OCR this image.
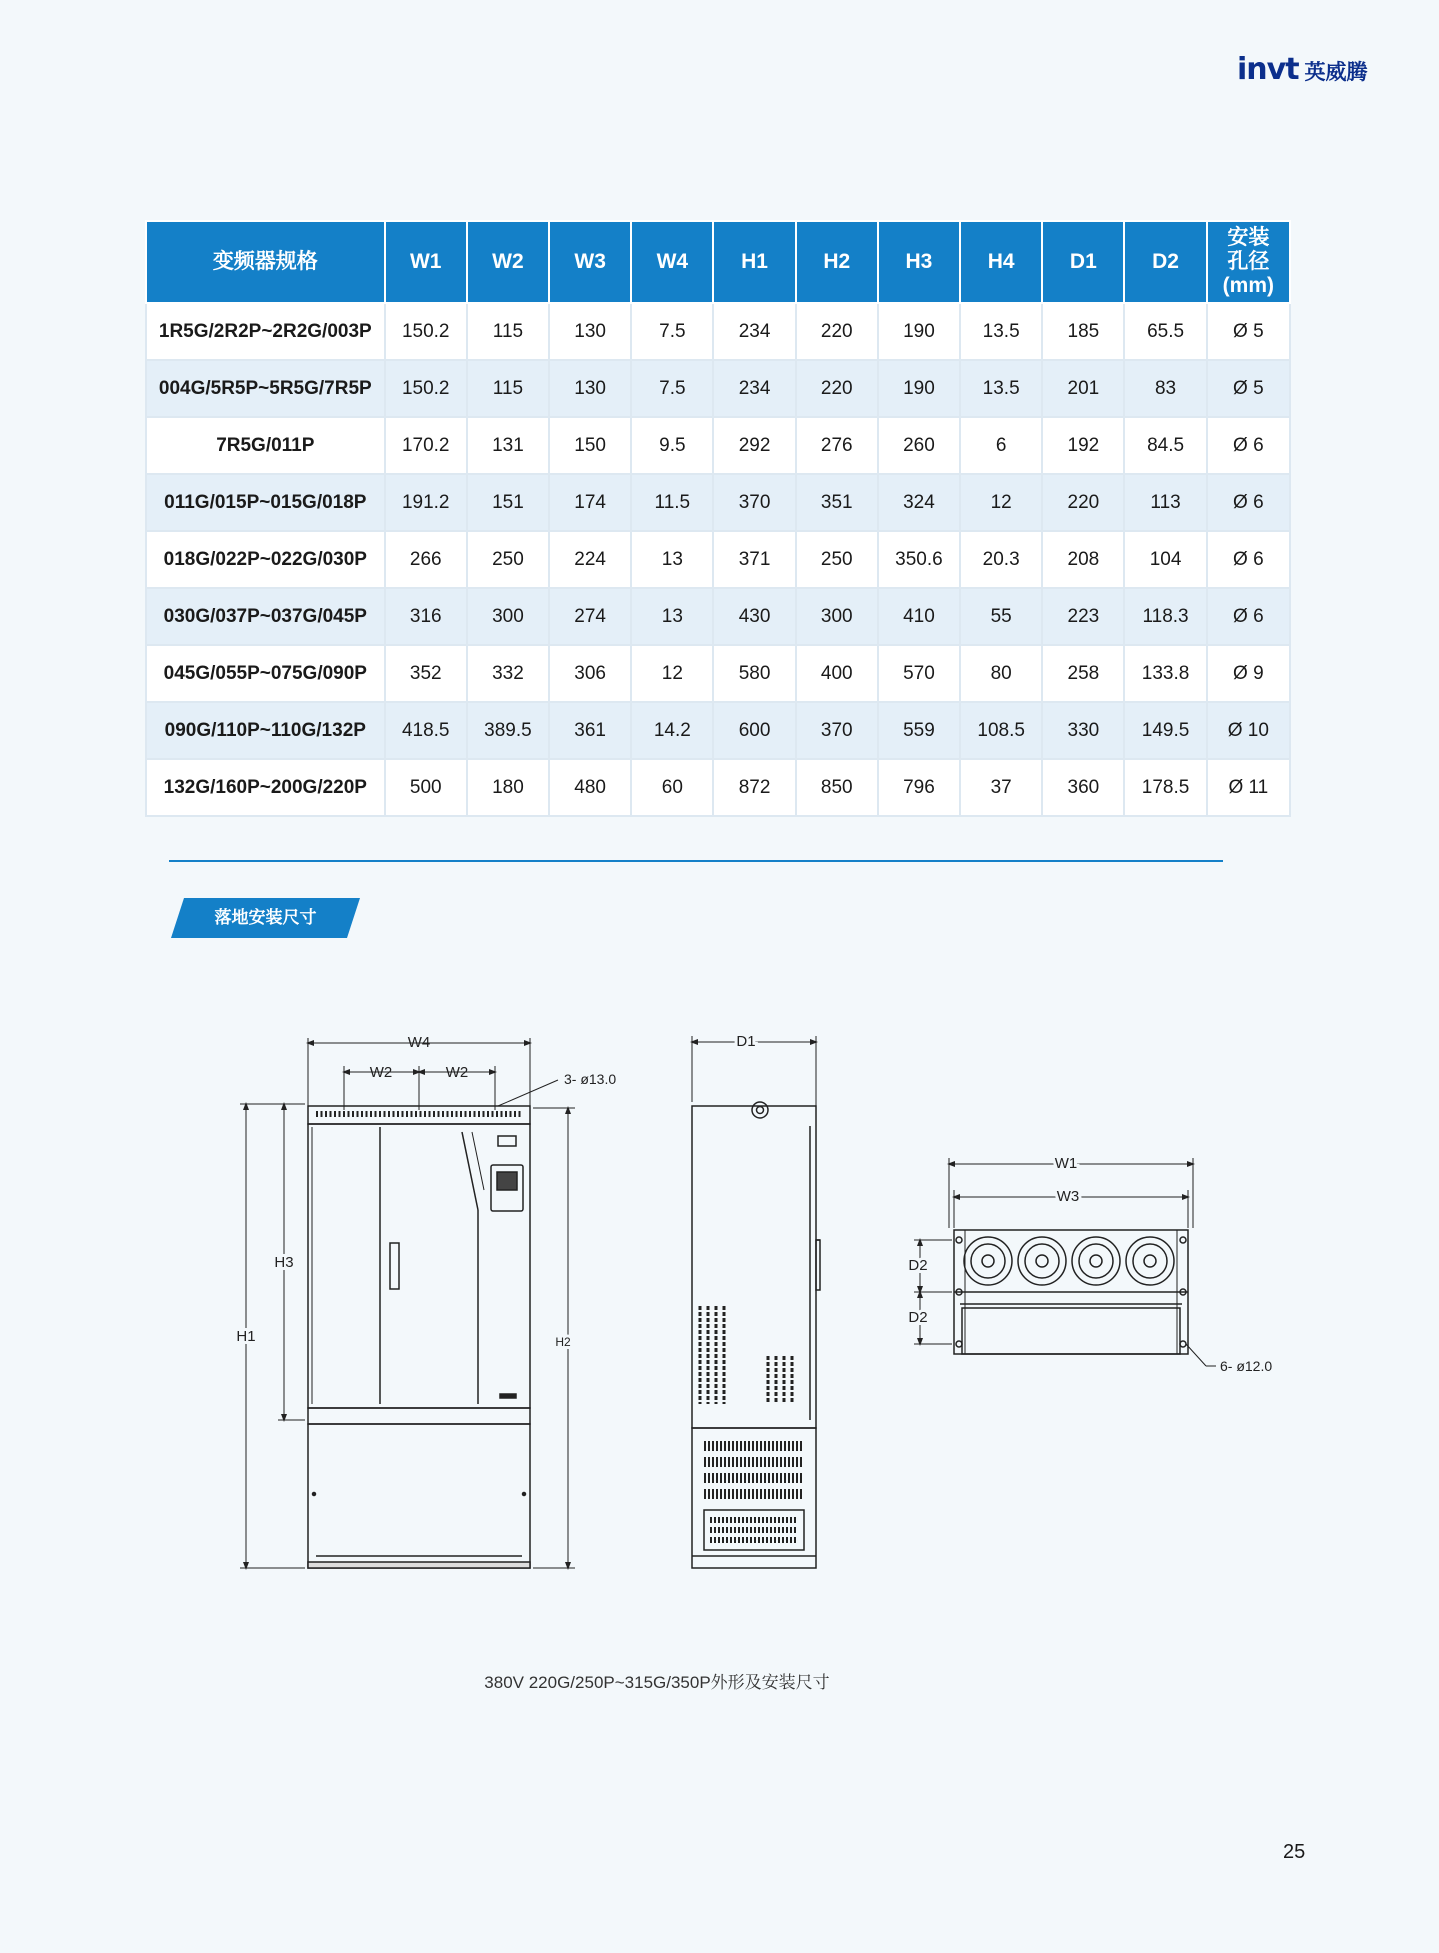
invt 英威腾
变频器规格	W1	W2	W3	W4	H1	H2	H3	H4	D1	D2	安装
孔径
(mm)

1R5G/2R2P~2R2G/003P	150.2	115	130	7.5	234	220	190	13.5	185	65.5	Ø 5
004G/5R5P~5R5G/7R5P	150.2	115	130	7.5	234	220	190	13.5	201	83	Ø 5
7R5G/011P	170.2	131	150	9.5	292	276	260	6	192	84.5	Ø 6
011G/015P~015G/018P	191.2	151	174	11.5	370	351	324	12	220	113	Ø 6
018G/022P~022G/030P	266	250	224	13	371	250	350.6	20.3	208	104	Ø 6
030G/037P~037G/045P	316	300	274	13	430	300	410	55	223	118.3	Ø 6
045G/055P~075G/090P	352	332	306	12	580	400	570	80	258	133.8	Ø 9
090G/110P~110G/132P	418.5	389.5	361	14.2	600	370	559	108.5	330	149.5	Ø 10
132G/160P~200G/220P	500	180	480	60	872	850	796	37	360	178.5	Ø 11
落地安装尺寸
W4
W2	W2	3- ø13.0
H1
H3
H2
D1
W1
W3
D2
D2
6- ø12.0
380V 220G/250P~315G/350P外形及安装尺寸
25
